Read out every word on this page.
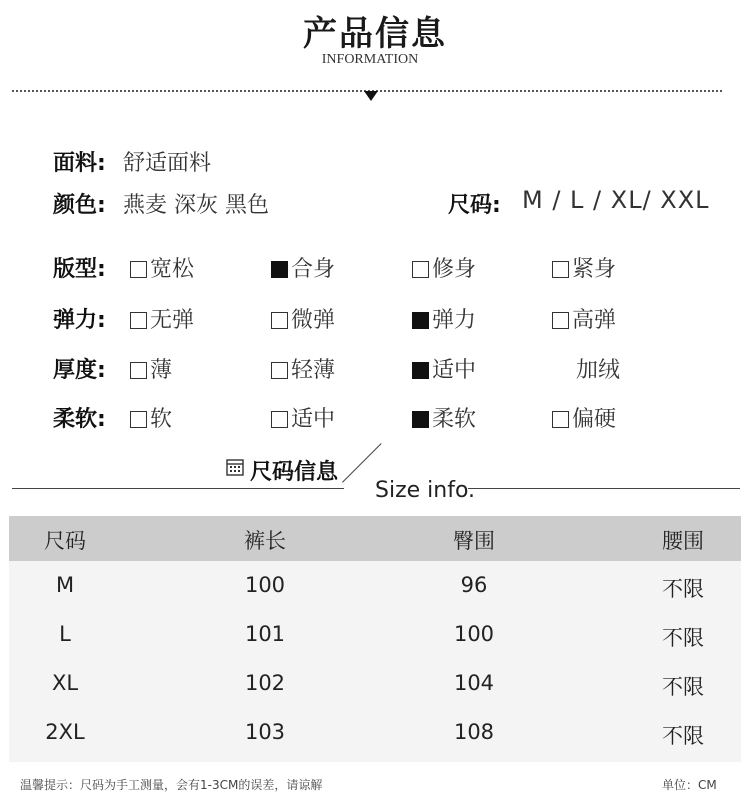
产品信息
INFORMATION
面料: 舒适面料
颜色: 燕麦 深灰 黑色	尺码: M / L / XL/ XXL
版型:	宽松	合身	修身	紧身
弹力:	无弹	微弹	弹力	高弹
厚度:	薄	轻薄	适中	加绒
柔软:	软	适中	柔软	偏硬
尺码信息
Size info.
尺码	裤长	臀围	腰围
M	100	96	不限
L	101	100	不限
XL	102	104	不限
2XL	103	108	不限
温馨提示：尺码为手工测量，会有1-3CM的误差，请谅解	单位：CM
